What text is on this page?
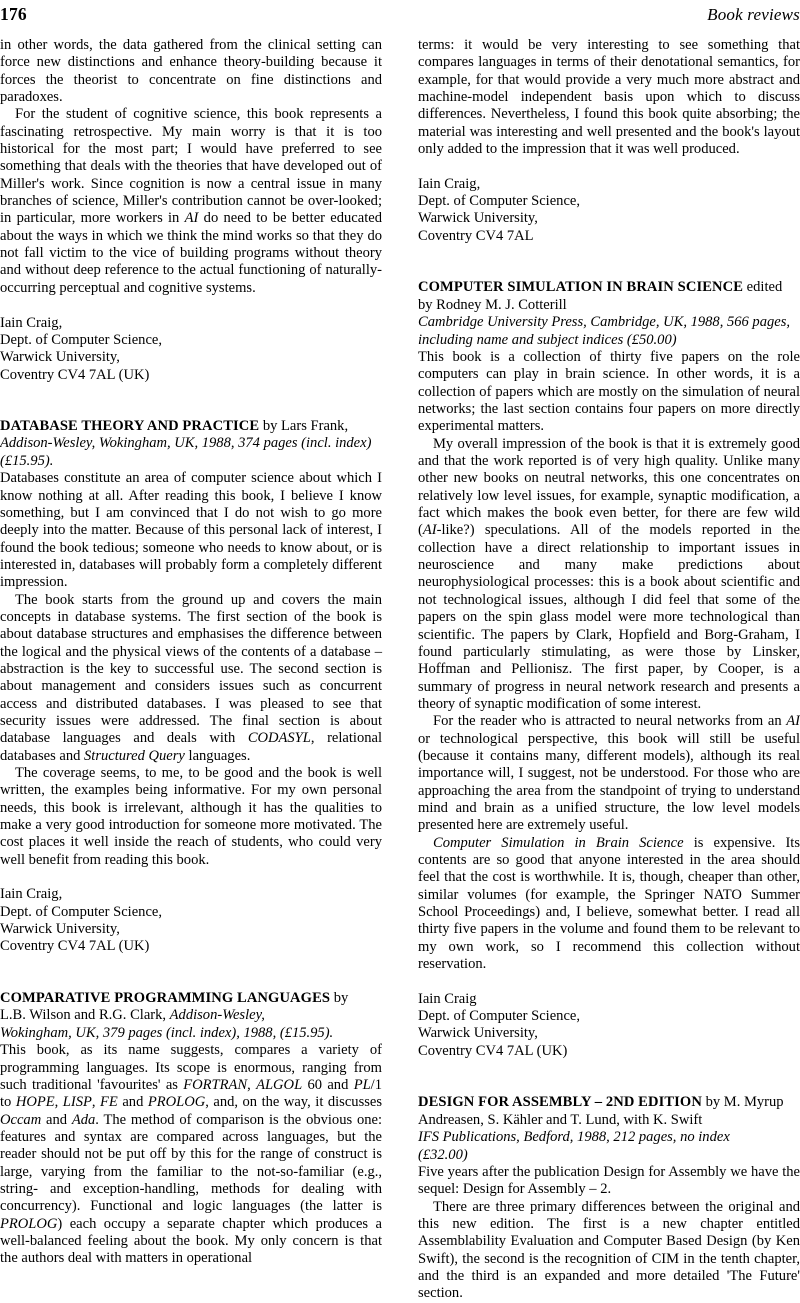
176	Book reviews

in other words, the data gathered from the clinical setting can force new distinctions and enhance theory-building because it forces the theorist to concentrate on fine distinctions and paradoxes.

For the student of cognitive science, this book represents a fascinating retrospective. My main worry is that it is too historical for the most part; I would have preferred to see something that deals with the theories that have developed out of Miller's work. Since cognition is now a central issue in many branches of science, Miller's contribution cannot be over-looked; in particular, more workers in AI do need to be better educated about the ways in which we think the mind works so that they do not fall victim to the vice of building programs without theory and without deep reference to the actual functioning of naturally-occurring perceptual and cognitive systems.

Iain Craig,
Dept. of Computer Science,
Warwick University,
Coventry CV4 7AL (UK)
DATABASE THEORY AND PRACTICE by Lars Frank,
Addison-Wesley, Wokingham, UK, 1988, 374 pages (incl. index) (£15.95).

Databases constitute an area of computer science about which I know nothing at all. After reading this book, I believe I know something, but I am convinced that I do not wish to go more deeply into the matter. Because of this personal lack of interest, I found the book tedious; someone who needs to know about, or is interested in, databases will probably form a completely different impression.

The book starts from the ground up and covers the main concepts in database systems. The first section of the book is about database structures and emphasises the difference between the logical and the physical views of the contents of a database – abstraction is the key to successful use. The second section is about management and considers issues such as concurrent access and distributed databases. I was pleased to see that security issues were addressed. The final section is about database languages and deals with CODASYL, relational databases and Structured Query languages.

The coverage seems, to me, to be good and the book is well written, the examples being informative. For my own personal needs, this book is irrelevant, although it has the qualities to make a very good introduction for someone more motivated. The cost places it well inside the reach of students, who could very well benefit from reading this book.

Iain Craig,
Dept. of Computer Science,
Warwick University,
Coventry CV4 7AL (UK)
COMPARATIVE PROGRAMMING LANGUAGES by
L.B. Wilson and R.G. Clark, Addison-Wesley,
Wokingham, UK, 379 pages (incl. index), 1988, (£15.95).

This book, as its name suggests, compares a variety of programming languages. Its scope is enormous, ranging from such traditional 'favourites' as FORTRAN, ALGOL 60 and PL/1 to HOPE, LISP, FE and PROLOG, and, on the way, it discusses Occam and Ada. The method of comparison is the obvious one: features and syntax are compared across languages, but the reader should not be put off by this for the range of construct is large, varying from the familiar to the not-so-familiar (e.g., string- and exception-handling, methods for dealing with concurrency). Functional and logic languages (the latter is PROLOG) each occupy a separate chapter which produces a well-balanced feeling about the book. My only concern is that the authors deal with matters in operational

terms: it would be very interesting to see something that compares languages in terms of their denotational semantics, for example, for that would provide a very much more abstract and machine-model independent basis upon which to discuss differences. Nevertheless, I found this book quite absorbing; the material was interesting and well presented and the book's layout only added to the impression that it was well produced.

Iain Craig,
Dept. of Computer Science,
Warwick University,
Coventry CV4 7AL
COMPUTER SIMULATION IN BRAIN SCIENCE edited
by Rodney M. J. Cotterill
Cambridge University Press, Cambridge, UK, 1988, 566 pages, including name and subject indices (£50.00)

This book is a collection of thirty five papers on the role computers can play in brain science. In other words, it is a collection of papers which are mostly on the simulation of neural networks; the last section contains four papers on more directly experimental matters.

My overall impression of the book is that it is extremely good and that the work reported is of very high quality. Unlike many other new books on neutral networks, this one concentrates on relatively low level issues, for example, synaptic modification, a fact which makes the book even better, for there are few wild (AI-like?) speculations. All of the models reported in the collection have a direct relationship to important issues in neuroscience and many make predictions about neurophysiological processes: this is a book about scientific and not technological issues, although I did feel that some of the papers on the spin glass model were more technological than scientific. The papers by Clark, Hopfield and Borg-Graham, I found particularly stimulating, as were those by Linsker, Hoffman and Pellionisz. The first paper, by Cooper, is a summary of progress in neural network research and presents a theory of synaptic modification of some interest.

For the reader who is attracted to neural networks from an AI or technological perspective, this book will still be useful (because it contains many, different models), although its real importance will, I suggest, not be understood. For those who are approaching the area from the standpoint of trying to understand mind and brain as a unified structure, the low level models presented here are extremely useful.

Computer Simulation in Brain Science is expensive. Its contents are so good that anyone interested in the area should feel that the cost is worthwhile. It is, though, cheaper than other, similar volumes (for example, the Springer NATO Summer School Proceedings) and, I believe, somewhat better. I read all thirty five papers in the volume and found them to be relevant to my own work, so I recommend this collection without reservation.

Iain Craig
Dept. of Computer Science,
Warwick University,
Coventry CV4 7AL (UK)
DESIGN FOR ASSEMBLY – 2ND EDITION by M. Myrup
Andreasen, S. Kähler and T. Lund, with K. Swift
IFS Publications, Bedford, 1988, 212 pages, no index
(£32.00)

Five years after the publication Design for Assembly we have the sequel: Design for Assembly – 2.

There are three primary differences between the original and this new edition. The first is a new chapter entitled Assemblability Evaluation and Computer Based Design (by Ken Swift), the second is the recognition of CIM in the tenth chapter, and the third is an expanded and more detailed 'The Future' section.
